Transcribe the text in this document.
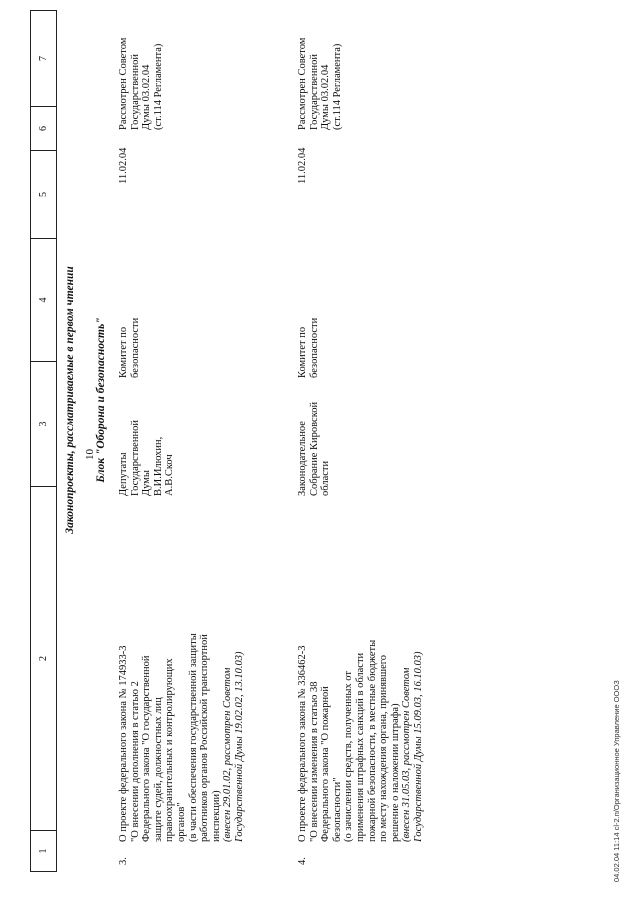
10
1
2
3
4
5
6
7
Законопроекты, рассматриваемые в первом чтении Блок "Оборона и безопасность"
3.
О проекте федерального закона № 174933-3
"О внесении дополнения в статью 2
Федерального закона "О государственной
защите судей, должностных лиц
правоохранительных и контролирующих
органов"
(в части обеспечения государственной защиты
работников органов Российской транспортной
инспекции) (внесен 29.01.02, рассмотрен Советом
Государственной Думы 19.02.02, 13.10.03)
Депутаты
Государственной
Думы
В.И.Илюхин,
А.В.Скоч
Комитет по
безопасности
11.02.04
Рассмотрен Советом
Государственной
Думы 03.02.04
(ст.114 Регламента)
4.
О проекте федерального закона № 336462-3
"О внесении изменения в статью 38
Федерального закона "О пожарной
безопасности"
(о зачислении средств, полученных от
применения штрафных санкций в области
пожарной безопасности, в местные бюджеты
по месту нахождения органа, принявшего
решение о наложении штрафа)
(внесен 31.05.03, рассмотрен Советом
Государственной Думы 15.09.03, 16.10.03)
Законодательное
Собрание Кировской
области
Комитет по
безопасности
11.02.04
Рассмотрен Советом
Государственной
Думы 03.02.04
(ст.114 Регламента)
04.02.04 11:14 сl-2.п/Организационное Управление ОООЗ
